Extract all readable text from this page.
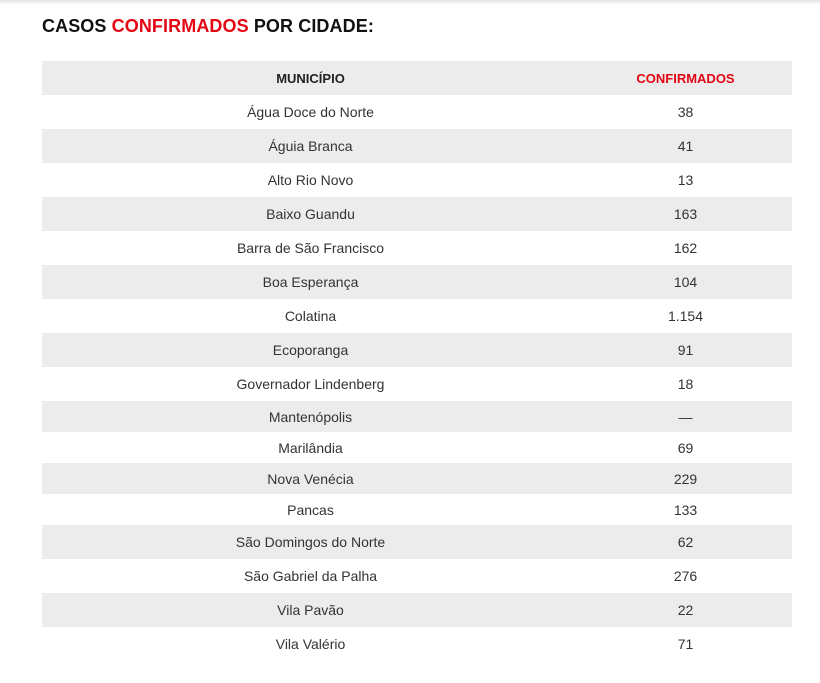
CASOS CONFIRMADOS POR CIDADE:
MUNICÍPIO	CONFIRMADOS
Água Doce do Norte	38
Águia Branca	41
Alto Rio Novo	13
Baixo Guandu	163
Barra de São Francisco	162
Boa Esperança	104
Colatina	1.154
Ecoporanga	91
Governador Lindenberg	18
Mantenópolis	—
Marilândia	69
Nova Venécia	229
Pancas	133
São Domingos do Norte	62
São Gabriel da Palha	276
Vila Pavão	22
Vila Valério	71
